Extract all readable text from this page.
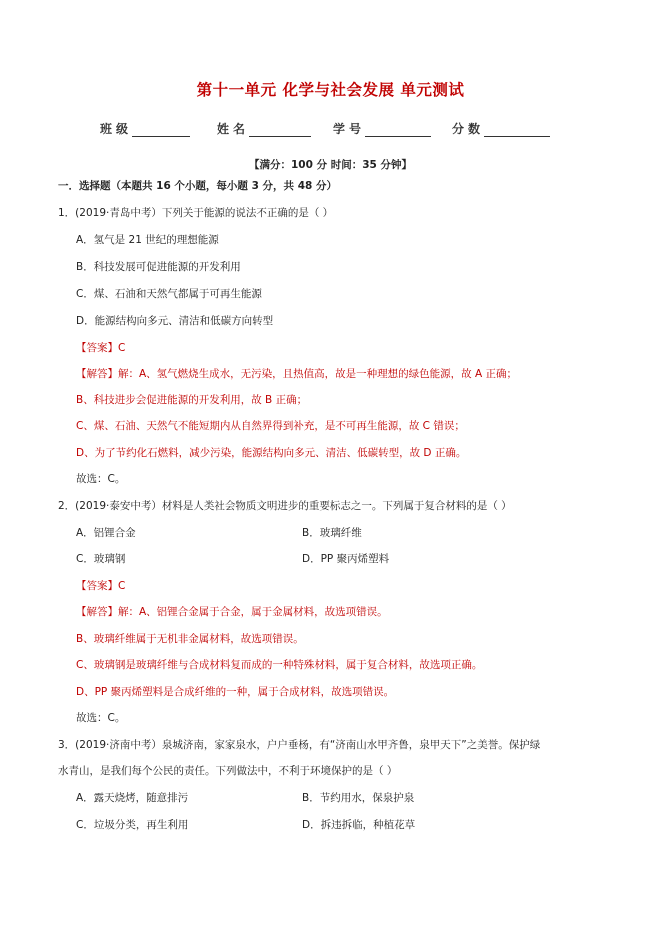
第十一单元 化学与社会发展 单元测试
班级	姓名	学号	分数
【满分：100 分 时间：35 分钟】
一．选择题（本题共 16 个小题，每小题 3 分，共 48 分）
1．(2019·青岛中考）下列关于能源的说法不正确的是（ ）
A．氢气是 21 世纪的理想能源
B．科技发展可促进能源的开发利用
C．煤、石油和天然气都属于可再生能源
D．能源结构向多元、清洁和低碳方向转型
【答案】C
【解答】解：A、氢气燃烧生成水，无污染，且热值高，故是一种理想的绿色能源，故 A 正确；
B、科技进步会促进能源的开发利用，故 B 正确；
C、煤、石油、天然气不能短期内从自然界得到补充，是不可再生能源，故 C 错误；
D、为了节约化石燃料，减少污染，能源结构向多元、清洁、低碳转型，故 D 正确。
故选：C。
2．(2019·泰安中考）材料是人类社会物质文明进步的重要标志之一。下列属于复合材料的是（ ）
A．铝锂合金	B．玻璃纤维
C．玻璃钢	D．PP 聚丙烯塑料
【答案】C
【解答】解：A、铝锂合金属于合金，属于金属材料，故选项错误。
B、玻璃纤维属于无机非金属材料，故选项错误。
C、玻璃钢是玻璃纤维与合成材料复而成的一种特殊材料，属于复合材料，故选项正确。
D、PP 聚丙烯塑料是合成纤维的一种，属于合成材料，故选项错误。
故选：C。
3．(2019·济南中考）泉城济南，家家泉水，户户垂杨，有“济南山水甲齐鲁，泉甲天下”之美誉。保护绿
水青山，是我们每个公民的责任。下列做法中，不利于环境保护的是（ ）
A．露天烧烤，随意排污	B．节约用水，保泉护泉
C．垃圾分类，再生利用	D．拆违拆临，种植花草
